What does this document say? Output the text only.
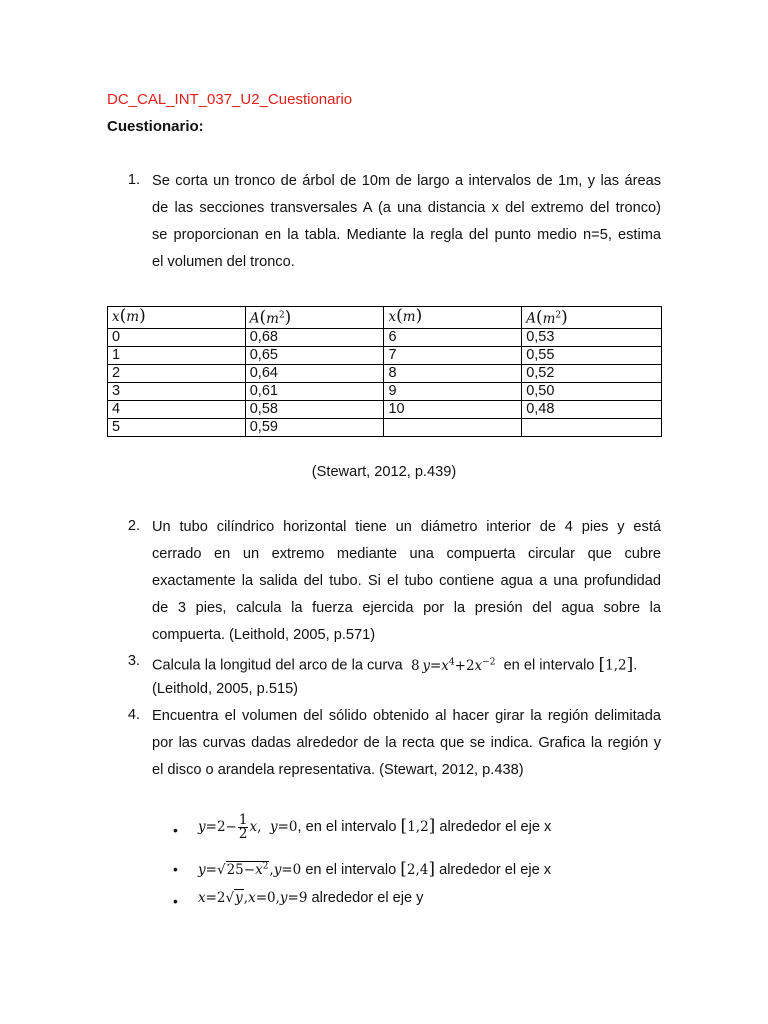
DC_CAL_INT_037_U2_Cuestionario
Cuestionario:
1. Se corta un tronco de árbol de 10m de largo a intervalos de 1m, y las áreas
de las secciones transversales A (a una distancia x del extremo del tronco)
se proporcionan en la tabla. Mediante la regla del punto medio n=5, estima
el volumen del tronco.
x(m)	$A(m^2)$	x(m)	$A(m^2)$
0	0,68	6	0,53
1	0,65	7	0,55
2	0,64	8	0,52
3	0,61	9	0,50
4	0,58	10	0,48
5	0,59		
(Stewart, 2012, p.439)
2. Un tubo cilíndrico horizontal tiene un diámetro interior de 4 pies y está
cerrado en un extremo mediante una compuerta circular que cubre
exactamente la salida del tubo. Si el tubo contiene agua a una profundidad
de 3 pies, calcula la fuerza ejercida por la presión del agua sobre la
compuerta. (Leithold, 2005, p.571)
3. Calcula la longitud del arco de la curva 8 $y=x^4+2x^{-2}$ en el intervalo [1,2].
(Leithold, 2005, p.515)
4. Encuentra el volumen del sólido obtenido al hacer girar la región delimitada
por las curvas dadas alrededor de la recta que se indica. Grafica la región y
el disco o arandela representativa. (Stewart, 2012, p.438)
• $y=2- \frac{1}{2} x$,  y=0, en el intervalo [1,2] alrededor el eje x
• $y=√25-x^2,y=0$ en el intervalo [2,4] alrededor el eje x
• x=2√y,x=0,y=9 alrededor el eje y
